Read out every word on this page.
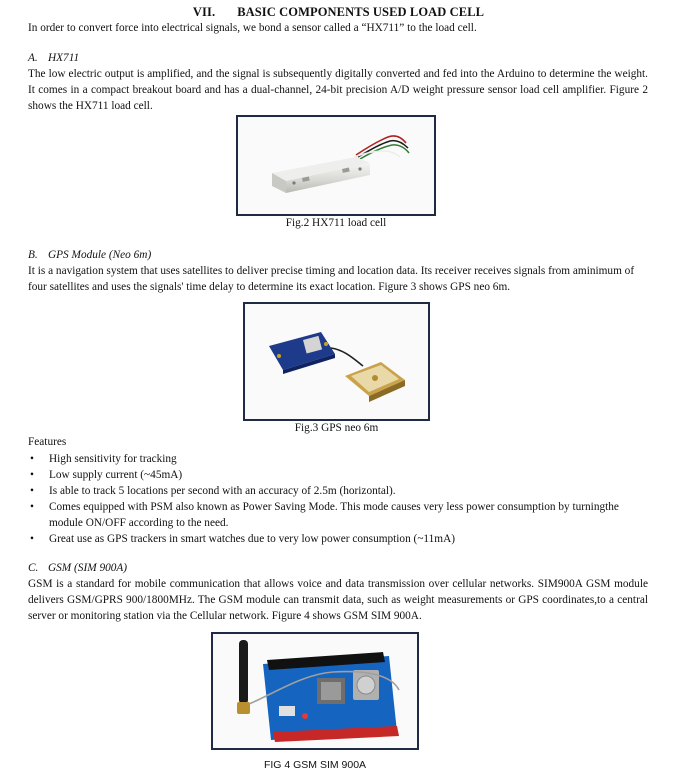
VII. BASIC COMPONENTS USED LOAD CELL

In order to convert force into electrical signals, we bond a sensor called a “HX711” to the load cell.

A. HX711

The low electric output is amplified, and the signal is subsequently digitally converted and fed into the Arduino to determine the weight. It comes in a compact breakout board and has a dual-channel, 24-bit precision A/D weight pressure sensor load cell amplifier. Figure 2 shows the HX711 load cell.

Fig.2 HX711 load cell
B. GPS Module (Neo 6m)

It is a navigation system that uses satellites to deliver precise timing and location data. Its receiver receives signals from aminimum of four satellites and uses the signals' time delay to determine its exact location. Figure 3 shows GPS neo 6m.

Fig.3 GPS neo 6m
Features
• High sensitivity for tracking
• Low supply current (~45mA)
• Is able to track 5 locations per second with an accuracy of 2.5m (horizontal).
• Comes equipped with PSM also known as Power Saving Mode. This mode causes very less power consumption by turningthe module ON/OFF according to the need.
• Great use as GPS trackers in smart watches due to very low power consumption (~11mA)
C. GSM (SIM 900A)

GSM is a standard for mobile communication that allows voice and data transmission over cellular networks. SIM900A GSM module delivers GSM/GPRS 900/1800MHz. The GSM module can transmit data, such as weight measurements or GPS coordinates,to a central server or monitoring station via the Cellular network. Figure 4 shows GSM SIM 900A.

FIG 4 GSM SIM 900A
